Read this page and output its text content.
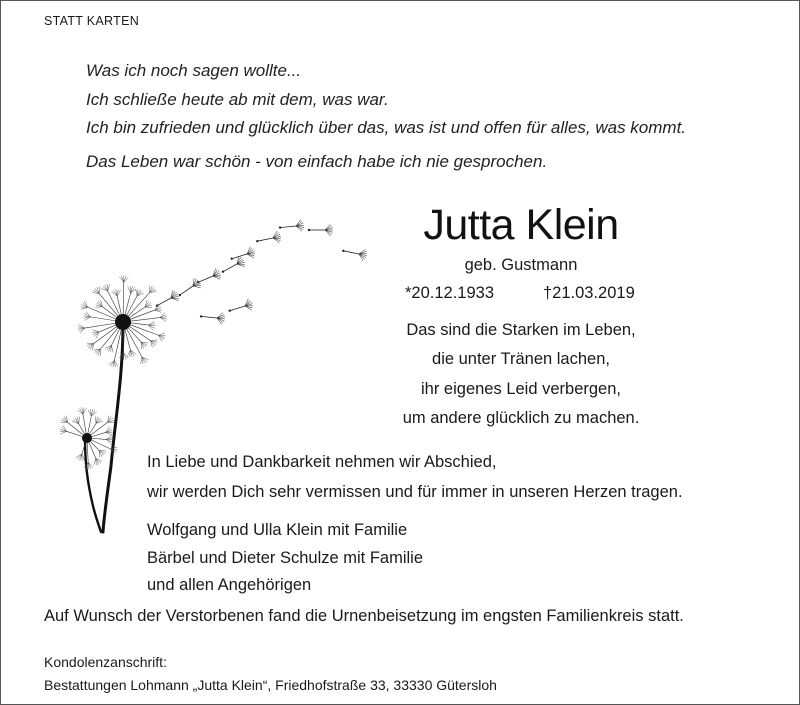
STATT KARTEN
Was ich noch sagen wollte...
Ich schließe heute ab mit dem, was war.
Ich bin zufrieden und glücklich über das, was ist und offen für alles, was kommt.
Das Leben war schön - von einfach habe ich nie gesprochen.
Jutta Klein
geb. Gustmann
*20.12.1933	†21.03.2019
Das sind die Starken im Leben,
die unter Tränen lachen,
ihr eigenes Leid verbergen,
um andere glücklich zu machen.
In Liebe und Dankbarkeit nehmen wir Abschied,
wir werden Dich sehr vermissen und für immer in unseren Herzen tragen.
Wolfgang und Ulla Klein mit Familie
Bärbel und Dieter Schulze mit Familie
und allen Angehörigen
Auf Wunsch der Verstorbenen fand die Urnenbeisetzung im engsten Familienkreis statt.
Kondolenzanschrift:
Bestattungen Lohmann „Jutta Klein“, Friedhofstraße 33, 33330 Gütersloh
